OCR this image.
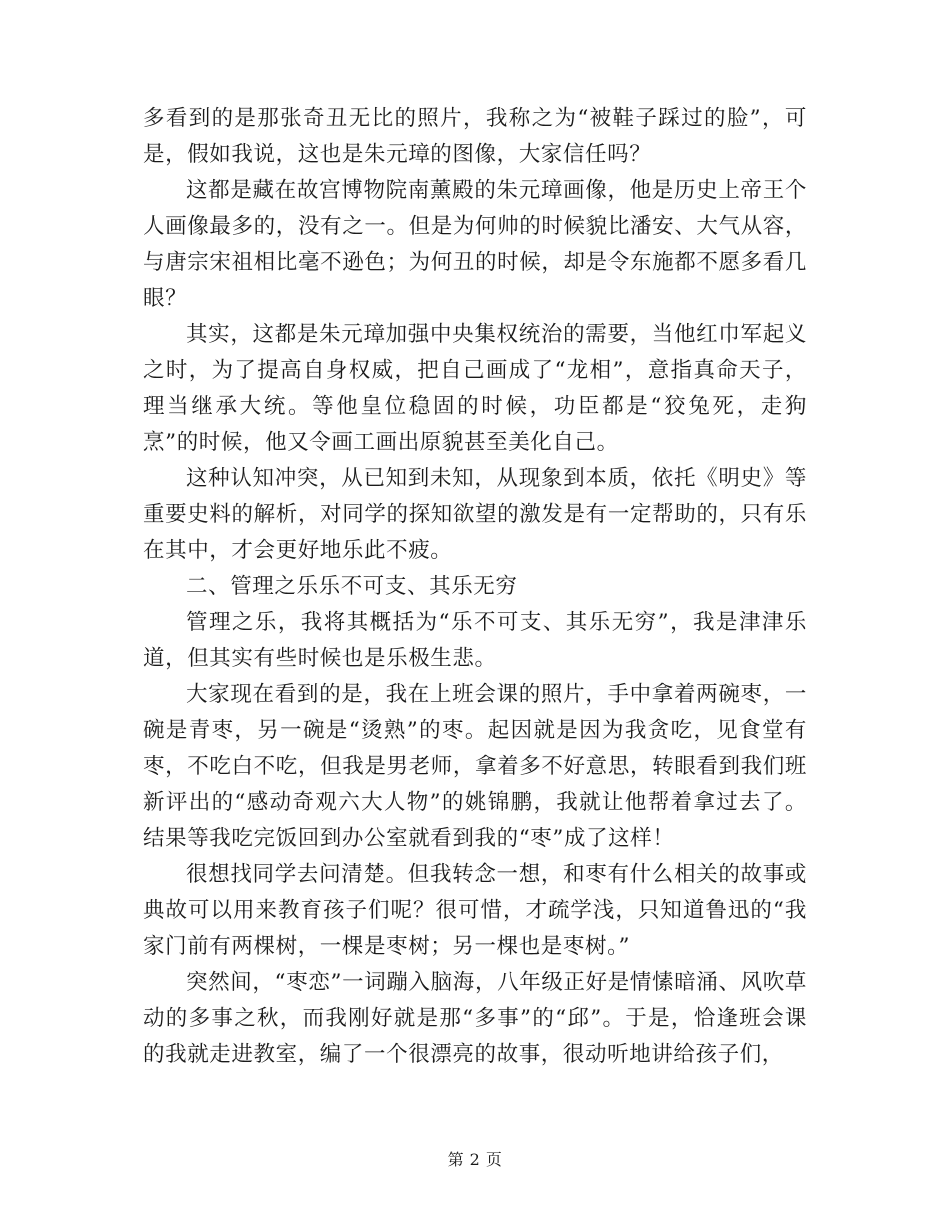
多看到的是那张奇丑无比的照片，我称之为“被鞋子踩过的脸”，可是，假如我说，这也是朱元璋的图像，大家信任吗？

这都是藏在故宫博物院南薰殿的朱元璋画像，他是历史上帝王个人画像最多的，没有之一。但是为何帅的时候貌比潘安、大气从容，与唐宗宋祖相比毫不逊色；为何丑的时候，却是令东施都不愿多看几眼？

其实，这都是朱元璋加强中央集权统治的需要，当他红巾军起义之时，为了提高自身权威，把自己画成了“龙相”，意指真命天子，理当继承大统。等他皇位稳固的时候，功臣都是“狡兔死，走狗烹”的时候，他又令画工画出原貌甚至美化自己。

这种认知冲突，从已知到未知，从现象到本质，依托《明史》等重要史料的解析，对同学的探知欲望的激发是有一定帮助的，只有乐在其中，才会更好地乐此不疲。

二、管理之乐乐不可支、其乐无穷

管理之乐，我将其概括为“乐不可支、其乐无穷”，我是津津乐道，但其实有些时候也是乐极生悲。

大家现在看到的是，我在上班会课的照片，手中拿着两碗枣，一碗是青枣，另一碗是“烫熟”的枣。起因就是因为我贪吃，见食堂有枣，不吃白不吃，但我是男老师，拿着多不好意思，转眼看到我们班新评出的“感动奇观六大人物”的姚锦鹏，我就让他帮着拿过去了。结果等我吃完饭回到办公室就看到我的“枣”成了这样！

很想找同学去问清楚。但我转念一想，和枣有什么相关的故事或典故可以用来教育孩子们呢？很可惜，才疏学浅，只知道鲁迅的“我家门前有两棵树，一棵是枣树；另一棵也是枣树。”

突然间，“枣恋”一词蹦入脑海，八年级正好是情愫暗涌、风吹草动的多事之秋，而我刚好就是那“多事”的“邱”。于是，恰逢班会课的我就走进教室，编了一个很漂亮的故事，很动听地讲给孩子们，

第 2 页
